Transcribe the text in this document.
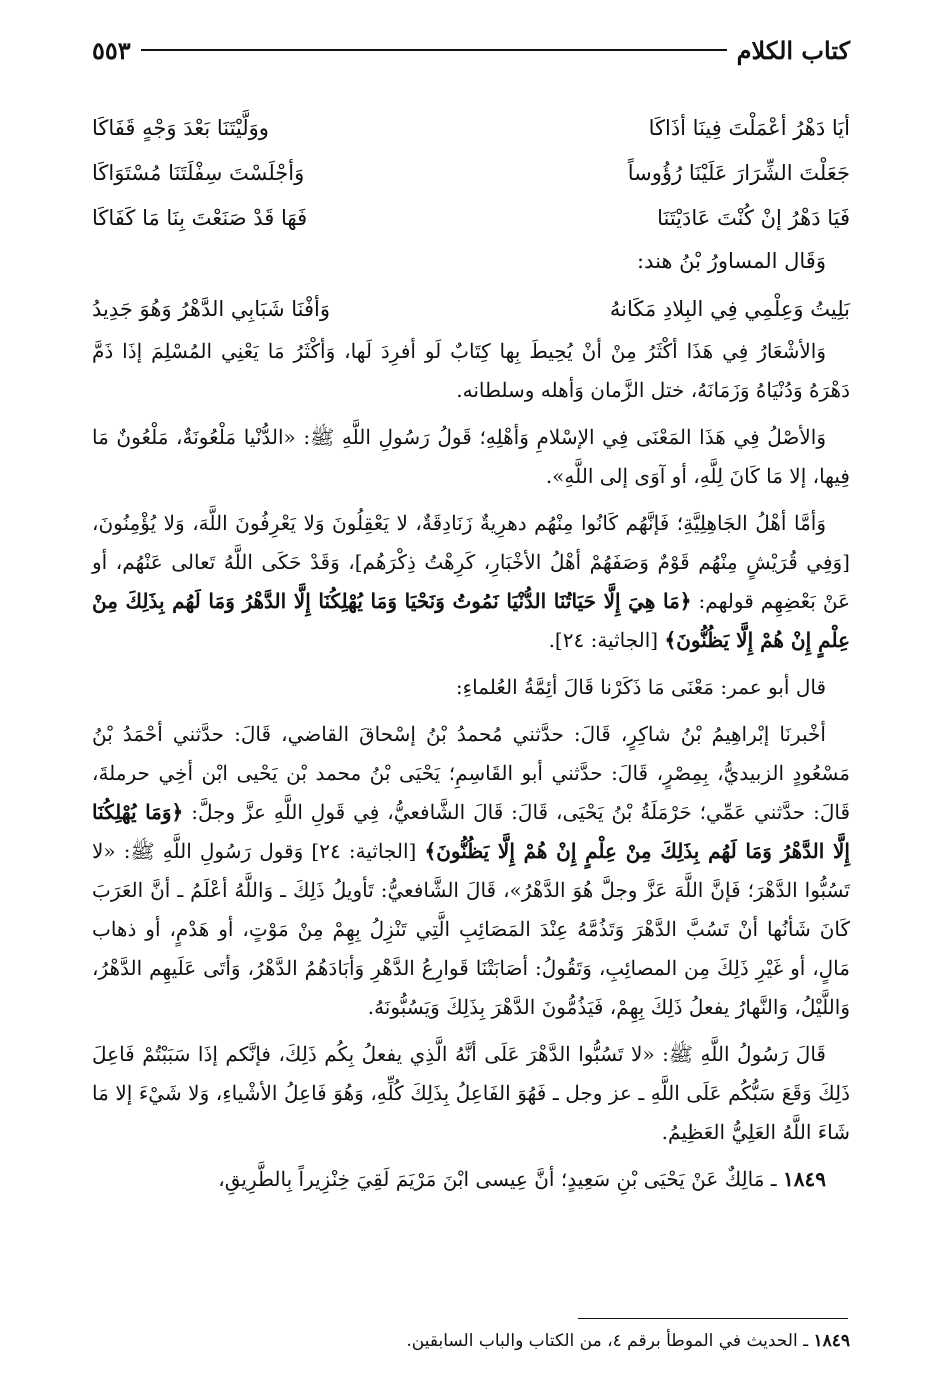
كتاب الكلام
٥٥٣
أيَا دَهْرُ أعْمَلْتَ فِينَا أذَاكَا
ووَلَّيْتَنَا بَعْدَ وَجْهٍ قَفَاكَا
جَعَلْتَ الشِّرَارَ عَلَيْنَا رُؤُوساً
وَأجْلَسْتَ سِفْلَتَنَا مُسْتَوَاكَا
فَيَا دَهْرُ إنْ كُنْتَ عَادَيْتَنَا
فَهَا قَدْ صَنَعْتَ بِنَا مَا كَفَاكَا
وَقَال المساورُ بْنُ هند:
بَلِيتُ وَعِلْمِي فِي البِلادِ مَكَانهُ
وَأفْنَا شَبَابِي الدَّهْرُ وَهُوَ جَدِيدُ

وَالأشْعَارُ فِي هَذَا أكْثَرُ مِنْ أنْ يُحِيطَ بِها كِتَابٌ لَو أفرِدَ لَها، وَأكْثَرُ مَا يَعْنِي المُسْلِمَ إذَا ذَمَّ دَهْرَهُ وَدُنْيَاهُ وَزَمَانَهُ، ختل الزَّمان وَأهله وسلطانه.

وَالأصْلُ فِي هَذَا المَعْنَى فِي الإسْلامِ وَأهْلِهِ؛ قَولُ رَسُولِ اللَّهِ ﷺ: «الدُّنْيا مَلْعُونَةٌ، مَلْعُونٌ مَا فِيها، إلا مَا كَانَ لِلَّهِ، أو آوَى إلى اللَّهِ».

وَأمَّا أهْلُ الجَاهِلِيَّةِ؛ فَإنَّهُم كَانُوا مِنْهُم دهرِيةٌ زَنَادِقَةٌ، لا يَعْقِلُونَ وَلا يَعْرِفُونَ اللَّهَ، وَلا يُؤْمِنُونَ، [وَفِي قُرَيْشٍ مِنْهُم قَوْمٌ وَصَفَهُمْ أهْلُ الأخْبَارِ، كَرِهْتُ ذِكْرَهُم]، وَقَدْ حَكَى اللَّهُ تَعالى عَنْهُم، أو عَنْ بَعْضِهِم قولهم: ﴿مَا هِيَ إِلَّا حَيَاتُنَا الدُّنْيَا نَمُوتُ وَنَحْيَا وَمَا يُهْلِكُنَا إِلَّا الدَّهْرُ وَمَا لَهُم بِذَلِكَ مِنْ عِلْمٍ إِنْ هُمْ إِلَّا يَظُنُّونَ﴾ [الجاثية: ٢٤].

قال أبو عمر: مَعْنَى مَا ذَكَرْنا قَالَ أئِمَّةُ العُلماءِ:

أخْبرنَا إبْراهِيمُ بْنُ شاكِرٍ، قَالَ: حدَّثني مُحمدُ بْنُ إسْحاقَ القاضي، قَالَ: حدَّثني أحْمَدُ بْنُ مَسْعُودٍ الزبيديُّ، بِمِصْرٍ، قَالَ: حدَّثني أبو القَاسِمِ؛ يَحْيَى بْنُ محمد بْن يَحْيى ابْن أخِي حرملةَ، قَالَ: حدَّثني عَمِّي؛ حَرْمَلَةُ بْنُ يَحْيَى، قَالَ: قَالَ الشَّافعيُّ، فِي قَولِ اللَّهِ عزَّ وجلَّ: ﴿وَمَا يُهْلِكُنَا إِلَّا الدَّهْرُ وَمَا لَهُم بِذَلِكَ مِنْ عِلْمٍ إِنْ هُمْ إِلَّا يَظُنُّونَ﴾ [الجاثية: ٢٤] وَقول رَسُولِ اللَّهِ ﷺ: «لا تَسُبُّوا الدَّهْرَ؛ فَإنَّ اللَّهَ عَزَّ وجلَّ هُوَ الدَّهْرُ»، قَالَ الشَّافعيُّ: تَأويلُ ذَلِكَ ـ وَاللَّهُ أعْلَمُ ـ أنَّ العَرَبَ كَانَ شَأنُها أنْ تَسُبَّ الدَّهْرَ وَتَذُمَّهُ عِنْدَ المَصَائِبِ الَّتِي تَنْزِلُ بِهِمْ مِنْ مَوْتٍ، أو هَدْمٍ، أو ذهاب مَالٍ، أو غَيْرِ ذَلِكَ مِن المصائِبِ، وَتَقُولُ: أصَابَتْنَا قَوارِعُ الدَّهْرِ وَأبَادَهُمُ الدَّهْرُ، وَأتَى عَلَيهِم الدَّهْرُ، وَاللَّيْلُ، وَالنَّهارُ يفعلُ ذَلِكَ بِهِمْ، فَيَذُمُّونَ الدَّهْرَ بِذَلِكَ وَيَسُبُّونَهُ.

قَالَ رَسُولُ اللَّهِ ﷺ: «لا تَسُبُّوا الدَّهْرَ عَلَى أنَّهُ الَّذِي يفعلُ بِكُم ذَلِكَ، فإنَّكم إذَا سَبَبْتُمْ فَاعِلَ ذَلِكَ وَقَعَ سَبُّكُم عَلَى اللَّهِ ـ عز وجل ـ فَهُوَ الفَاعِلُ بِذَلِكَ كُلِّهِ، وَهُوَ فَاعِلُ الأشْياءِ، وَلا شَيْءَ إلا مَا شَاءَ اللَّهُ العَلِيُّ العَظِيمُ.

١٨٤٩ ـ مَالِكٌ عَنْ يَحْيَى بْنِ سَعِيدٍ؛ أنَّ عِيسى ابْنَ مَرْيَمَ لَقِيَ خِنْزِيراً بِالطَّرِيقِ،

١٨٤٩ ـ الحديث في الموطأ برقم ٤، من الكتاب والباب السابقين.
